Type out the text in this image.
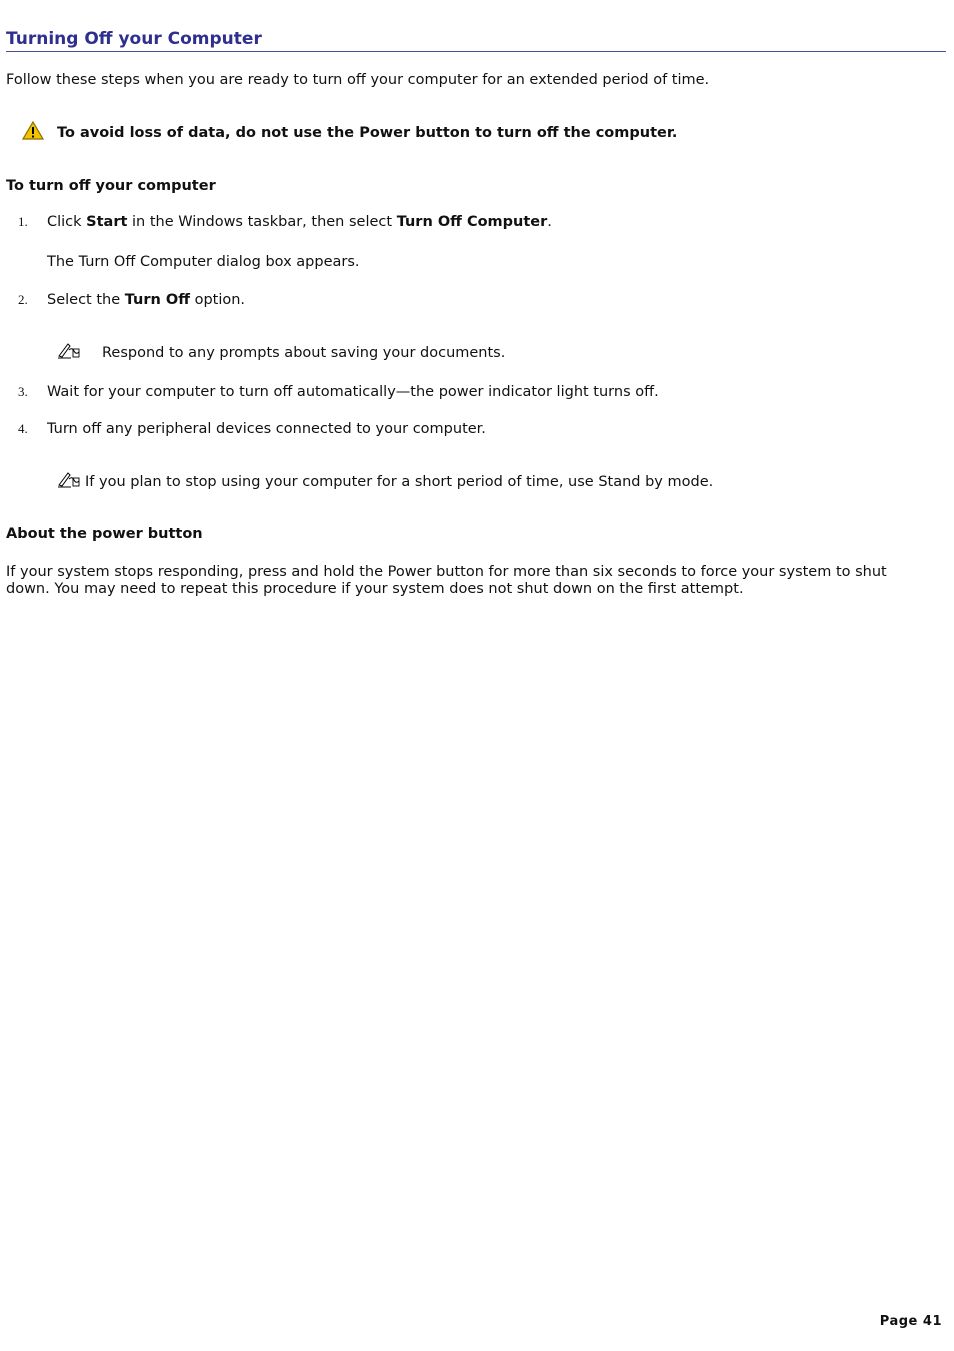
Turning Off your Computer
Follow these steps when you are ready to turn off your computer for an extended period of time.
To avoid loss of data, do not use the Power button to turn off the computer.
To turn off your computer
1. Click Start in the Windows taskbar, then select Turn Off Computer.
The Turn Off Computer dialog box appears.
2. Select the Turn Off option.
Respond to any prompts about saving your documents.
3. Wait for your computer to turn off automatically—the power indicator light turns off.
4. Turn off any peripheral devices connected to your computer.
If you plan to stop using your computer for a short period of time, use Stand by mode.
About the power button
If your system stops responding, press and hold the Power button for more than six seconds to force your system to shut
down. You may need to repeat this procedure if your system does not shut down on the first attempt.
Page 41
